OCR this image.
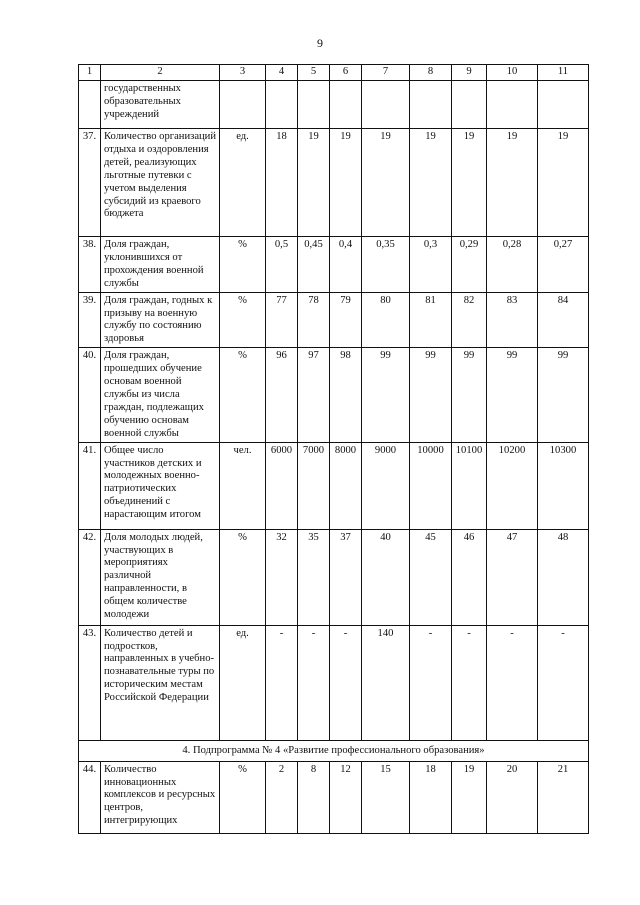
9
1	2	3	4	5	6	7	8	9	10	11
	государственных образовательных учреждений									
37.	Количество организаций отдыха и оздоровления детей, реализующих льготные путевки с учетом выделения субсидий из краевого бюджета	ед.	18	19	19	19	19	19	19	19
38.	Доля граждан, уклонившихся от прохождения военной службы	%	0,5	0,45	0,4	0,35	0,3	0,29	0,28	0,27
39.	Доля граждан, годных к призыву на военную службу по состоянию здоровья	%	77	78	79	80	81	82	83	84
40.	Доля граждан, прошедших обучение основам военной службы из числа граждан, подлежащих обучению основам военной службы	%	96	97	98	99	99	99	99	99
41.	Общее число участников детских и молодежных военно-патриотических объединений с нарастающим итогом	чел.	6000	7000	8000	9000	10000	10100	10200	10300
42.	Доля молодых людей, участвующих в мероприятиях различной направленности, в общем количестве молодежи	%	32	35	37	40	45	46	47	48
43.	Количество детей и подростков, направленных в учебно-познавательные туры по историческим местам Российской Федерации	ед.	-	-	-	140	-	-	-	-
4. Подпрограмма № 4 «Развитие профессионального образования»										
44.	Количество инновационных комплексов и ресурсных центров, интегрирующих	%	2	8	12	15	18	19	20	21
